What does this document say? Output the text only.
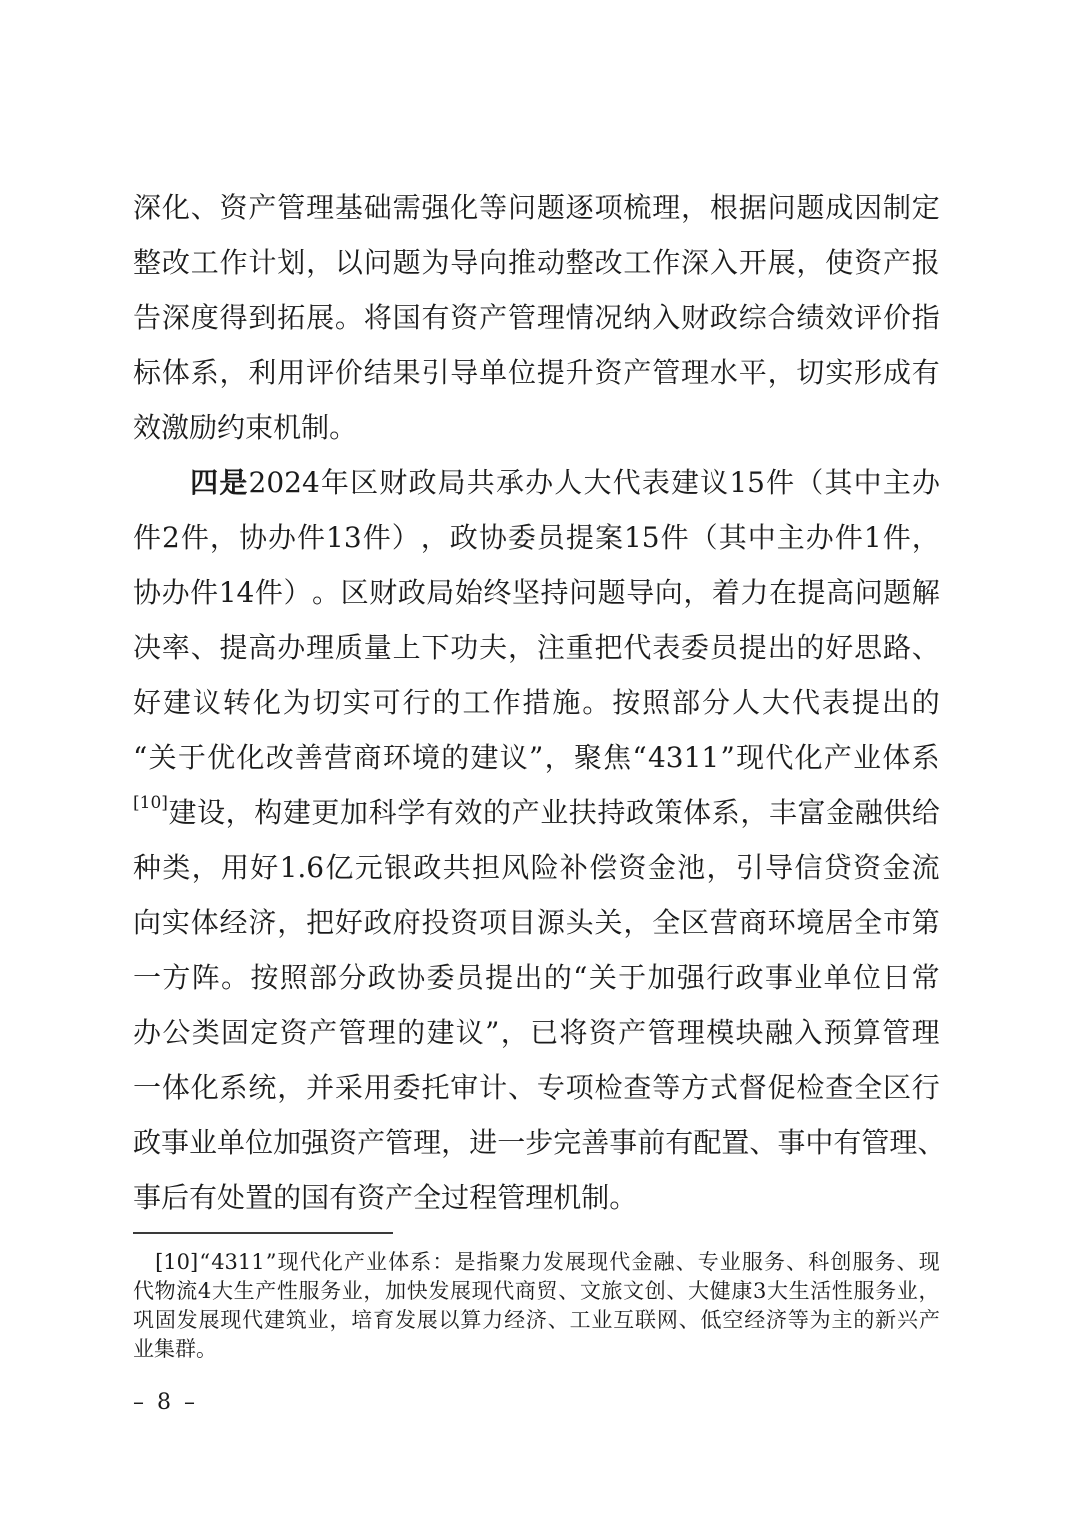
深 化 、 资 产 管 理 基 础 需 强 化 等 问 题 逐 项 梳 理 ， 根 据 问 题 成 因 制 定
整 改 工 作 计 划 ， 以 问 题 为 导 向 推 动 整 改 工 作 深 入 开 展 ， 使 资 产 报
告 深 度 得 到 拓 展 。 将 国 有 资 产 管 理 情 况 纳 入 财 政 综 合 绩 效 评 价 指
标 体 系 ， 利 用 评 价 结 果 引 导 单 位 提 升 资 产 管 理 水 平 ， 切 实 形 成 有
效 激 励 约 束 机 制 。
四 是 2024 年 区 财 政 局 共 承 办 人 大 代 表 建 议 15 件 （ 其 中 主 办
件 2 件 ， 协 办 件 13 件 ） ， 政 协 委 员 提 案 15 件 （ 其 中 主 办 件 1 件 ，
协 办 件 14 件 ） 。 区 财 政 局 始 终 坚 持 问 题 导 向 ， 着 力 在 提 高 问 题 解
决 率 、 提 高 办 理 质 量 上 下 功 夫 ， 注 重 把 代 表 委 员 提 出 的 好 思 路 、
好 建 议 转 化 为 切 实 可 行 的 工 作 措 施 。 按 照 部 分 人 大 代 表 提 出 的
“ 关 于 优 化 改 善 营 商 环 境 的 建 议 ” ， 聚 焦 “ 4311 ” 现 代 化 产 业 体 系
[10] 建 设 ， 构 建 更 加 科 学 有 效 的 产 业 扶 持 政 策 体 系 ， 丰 富 金 融 供 给
种 类 ， 用 好 1.6 亿 元 银 政 共 担 风 险 补 偿 资 金 池 ， 引 导 信 贷 资 金 流
向 实 体 经 济 ， 把 好 政 府 投 资 项 目 源 头 关 ， 全 区 营 商 环 境 居 全 市 第
一 方 阵 。 按 照 部 分 政 协 委 员 提 出 的 “ 关 于 加 强 行 政 事 业 单 位 日 常
办 公 类 固 定 资 产 管 理 的 建 议 ” ， 已 将 资 产 管 理 模 块 融 入 预 算 管 理
一 体 化 系 统 ， 并 采 用 委 托 审 计 、 专 项 检 查 等 方 式 督 促 检 查 全 区 行
政 事 业 单 位 加 强 资 产 管 理 ， 进 一 步 完 善 事 前 有 配 置 、 事 中 有 管 理 、
事 后 有 处 置 的 国 有 资 产 全 过 程 管 理 机 制 。
[10] “ 4311 ” 现 代 化 产 业 体 系 ： 是 指 聚 力 发 展 现 代 金 融 、 专 业 服 务 、 科 创 服 务 、 现
代 物 流 4 大 生 产 性 服 务 业 ， 加 快 发 展 现 代 商 贸 、 文 旅 文 创 、 大 健 康 3 大 生 活 性 服 务 业 ，
巩 固 发 展 现 代 建 筑 业 ， 培 育 发 展 以 算 力 经 济 、 工 业 互 联 网 、 低 空 经 济 等 为 主 的 新 兴 产
业 集 群 。
– 8 –
